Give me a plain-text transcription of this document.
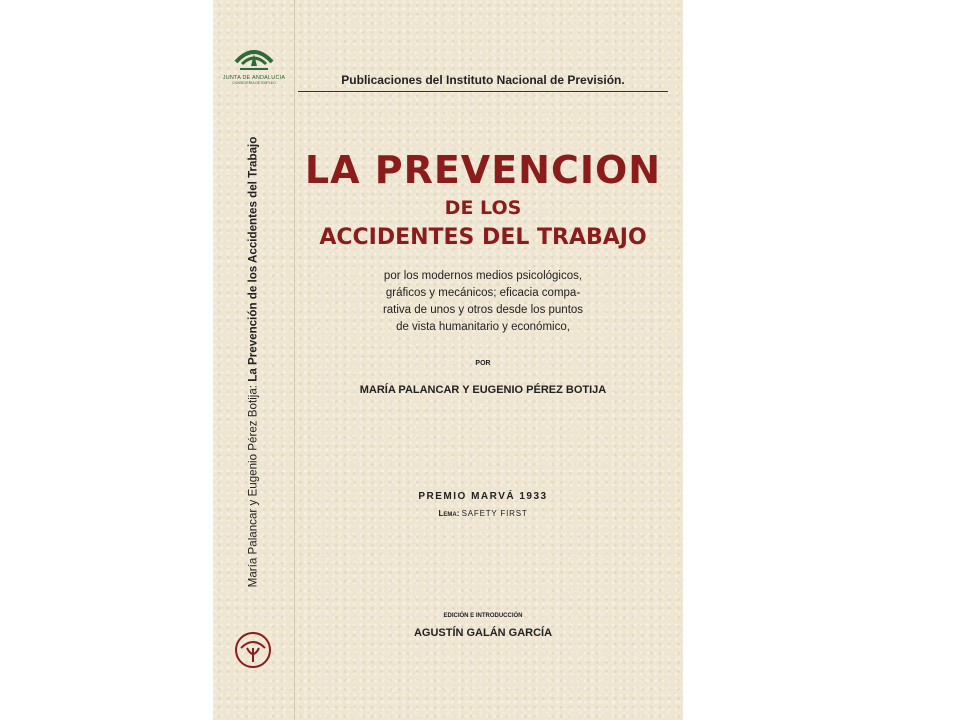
JUNTA DE ANDALUCIA
CONSEJERIA DE EMPLEO
María Palancar y Eugenio Pérez Botija: La Prevención de los Accidentes del Trabajo
Publicaciones del Instituto Nacional de Previsión.
LA PREVENCION
DE LOS
ACCIDENTES DEL TRABAJO
por los modernos medios psicológicos,
gráficos y mecánicos; eficacia compa-
rativa de unos y otros desde los puntos
de vista humanitario y económico,
POR
MARÍA PALANCAR Y EUGENIO PÉREZ BOTIJA
PREMIO MARVÁ 1933
Lema: SAFETY FIRST
EDICIÓN E INTRODUCCIÓN
AGUSTÍN GALÁN GARCÍA
